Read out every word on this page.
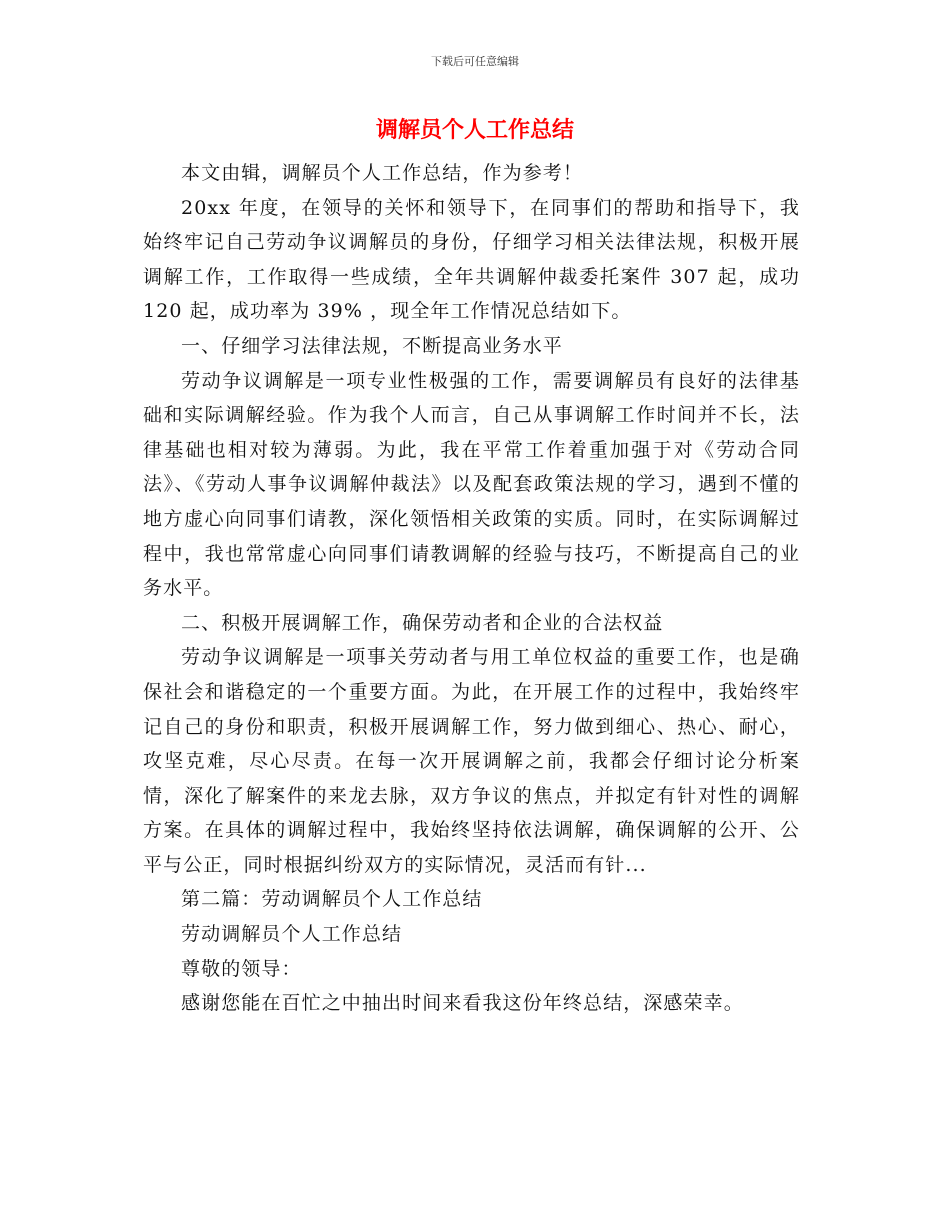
下载后可任意编辑
调解员个人工作总结

本文由辑，调解员个人工作总结，作为参考！

20xx 年度，在领导的关怀和领导下，在同事们的帮助和指导下，我始终牢记自己劳动争议调解员的身份，仔细学习相关法律法规，积极开展调解工作，工作取得一些成绩，全年共调解仲裁委托案件 307 起，成功 120 起，成功率为 39% ，现全年工作情况总结如下。

一、仔细学习法律法规，不断提高业务水平

劳动争议调解是一项专业性极强的工作，需要调解员有良好的法律基础和实际调解经验。作为我个人而言，自己从事调解工作时间并不长，法律基础也相对较为薄弱。为此，我在平常工作着重加强于对《劳动合同法》、《劳动人事争议调解仲裁法》以及配套政策法规的学习，遇到不懂的地方虚心向同事们请教，深化领悟相关政策的实质。同时，在实际调解过程中，我也常常虚心向同事们请教调解的经验与技巧，不断提高自己的业务水平。

二、积极开展调解工作，确保劳动者和企业的合法权益

劳动争议调解是一项事关劳动者与用工单位权益的重要工作，也是确保社会和谐稳定的一个重要方面。为此，在开展工作的过程中，我始终牢记自己的身份和职责，积极开展调解工作，努力做到细心、热心、耐心，攻坚克难，尽心尽责。在每一次开展调解之前，我都会仔细讨论分析案情，深化了解案件的来龙去脉，双方争议的焦点，并拟定有针对性的调解方案。在具体的调解过程中，我始终坚持依法调解，确保调解的公开、公平与公正，同时根据纠纷双方的实际情况，灵活而有针...

第二篇：劳动调解员个人工作总结

劳动调解员个人工作总结

尊敬的领导：

感谢您能在百忙之中抽出时间来看我这份年终总结，深感荣幸。
